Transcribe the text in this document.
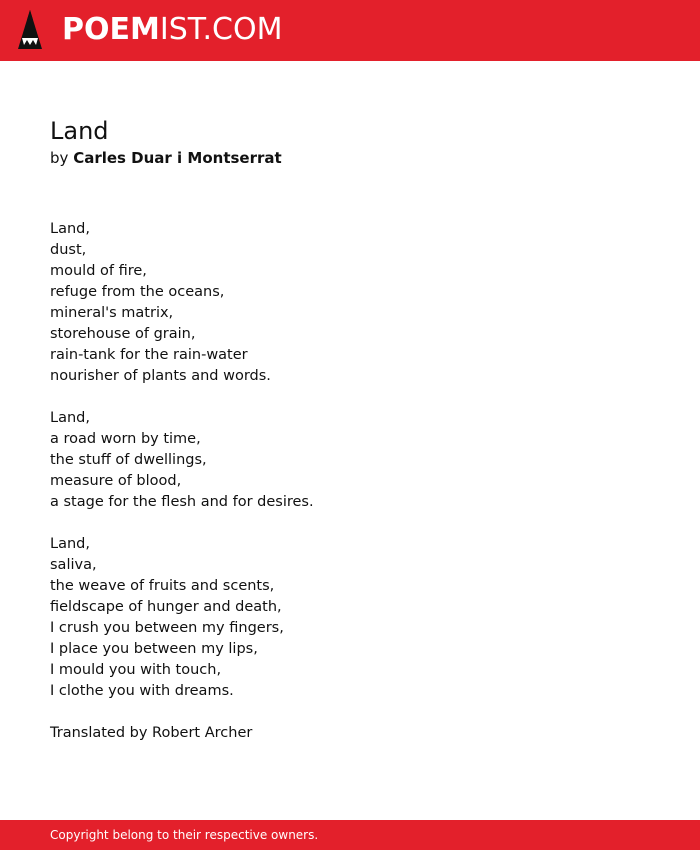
POEMIST.COM
Land

by Carles Duar i Montserrat

Land,
dust,
mould of fire,
refuge from the oceans,
mineral's matrix,
storehouse of grain,
rain-tank for the rain-water
nourisher of plants and words.
Land,
a road worn by time,
the stuff of dwellings,
measure of blood,
a stage for the flesh and for desires.
Land,
saliva,
the weave of fruits and scents,
fieldscape of hunger and death,
I crush you between my fingers,
I place you between my lips,
I mould you with touch,
I clothe you with dreams.
Translated by Robert Archer
Copyright belong to their respective owners.
